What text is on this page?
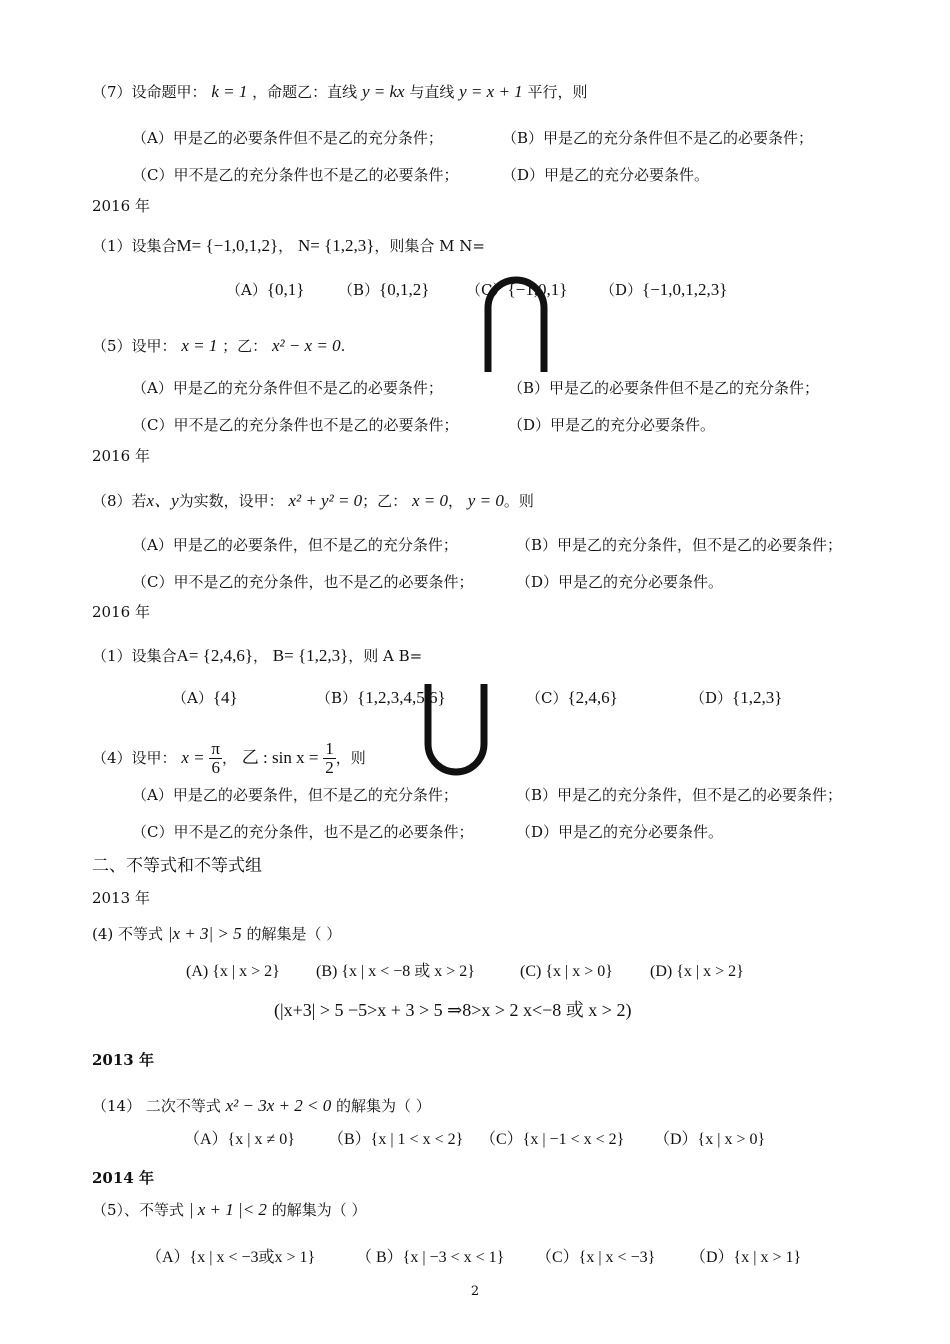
（7）设命题甲： k = 1 ，命题乙：直线 y = kx 与直线 y = x + 1 平行，则
（A）甲是乙的必要条件但不是乙的充分条件；	（B）甲是乙的充分条件但不是乙的必要条件；
（C）甲不是乙的充分条件也不是乙的必要条件；	（D）甲是乙的充分必要条件。
2016 年
（1）设集合M= {−1,0,1,2}， N= {1,2,3}，则集合 M N=
（A）{0,1} （B）{0,1,2} （C）{−1,0,1} （D）{−1,0,1,2,3}
（5）设甲： x = 1 ；乙： x² − x = 0.
（A）甲是乙的充分条件但不是乙的必要条件；	（B）甲是乙的必要条件但不是乙的充分条件；
（C）甲不是乙的充分条件也不是乙的必要条件；	（D）甲是乙的充分必要条件。
2016 年
（8）若x、y为实数，设甲： x² + y² = 0；乙： x = 0， y = 0。则
（A）甲是乙的必要条件，但不是乙的充分条件；	（B）甲是乙的充分条件，但不是乙的必要条件；
（C）甲不是乙的充分条件，也不是乙的必要条件；	（D）甲是乙的充分必要条件。
2016 年
（1）设集合A= {2,4,6}， B= {1,2,3}，则 A B=
（A）{4}	（B）{1,2,3,4,5,6}	（C）{2,4,6}	（D）{1,2,3}
（4）设甲： $x = \frac{\pi}{6}$ ， 乙 : $\sin x = \frac{1}{2}$ ，则
（A）甲是乙的必要条件，但不是乙的充分条件；	（B）甲是乙的充分条件，但不是乙的必要条件；
（C）甲不是乙的充分条件，也不是乙的必要条件；	（D）甲是乙的充分必要条件。
二、不等式和不等式组
2013 年
(4) 不等式 |x + 3| > 5 的解集是（ ）
(A) {x | x > 2} (B) {x | x < −8 或 x > 2}	(C) {x | x > 0} (D) {x | x > 2}
(|x+3| > 5 −5>x + 3 > 5 ⇒8>x > 2 x<−8 或 x > 2)
2013 年
（14） 二次不等式 x² − 3x + 2 < 0 的解集为（ ）
（A）{x | x ≠ 0} （B）{x | 1 < x < 2} （C）{x | −1 < x < 2} （D）{x | x > 0}
2014 年
（5）、不等式 | x + 1 |< 2 的解集为（ ）
（A）{x | x < −3或x > 1}	（ B）{x | −3 < x < 1} （C）{x | x < −3} （D）{x | x > 1}
2
